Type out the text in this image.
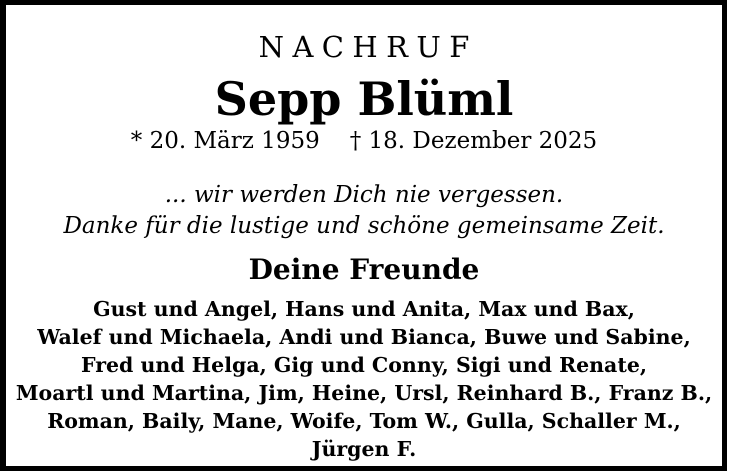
NACHRUF
Sepp Blüml
* 20. März 1959 † 18. Dezember 2025
... wir werden Dich nie vergessen.
Danke für die lustige und schöne gemeinsame Zeit.
Deine Freunde
Gust und Angel, Hans und Anita, Max und Bax,
Walef und Michaela, Andi und Bianca, Buwe und Sabine,
Fred und Helga, Gig und Conny, Sigi und Renate,
Moartl und Martina, Jim, Heine, Ursl, Reinhard B., Franz B.,
Roman, Baily, Mane, Woife, Tom W., Gulla, Schaller M., Jürgen F.
